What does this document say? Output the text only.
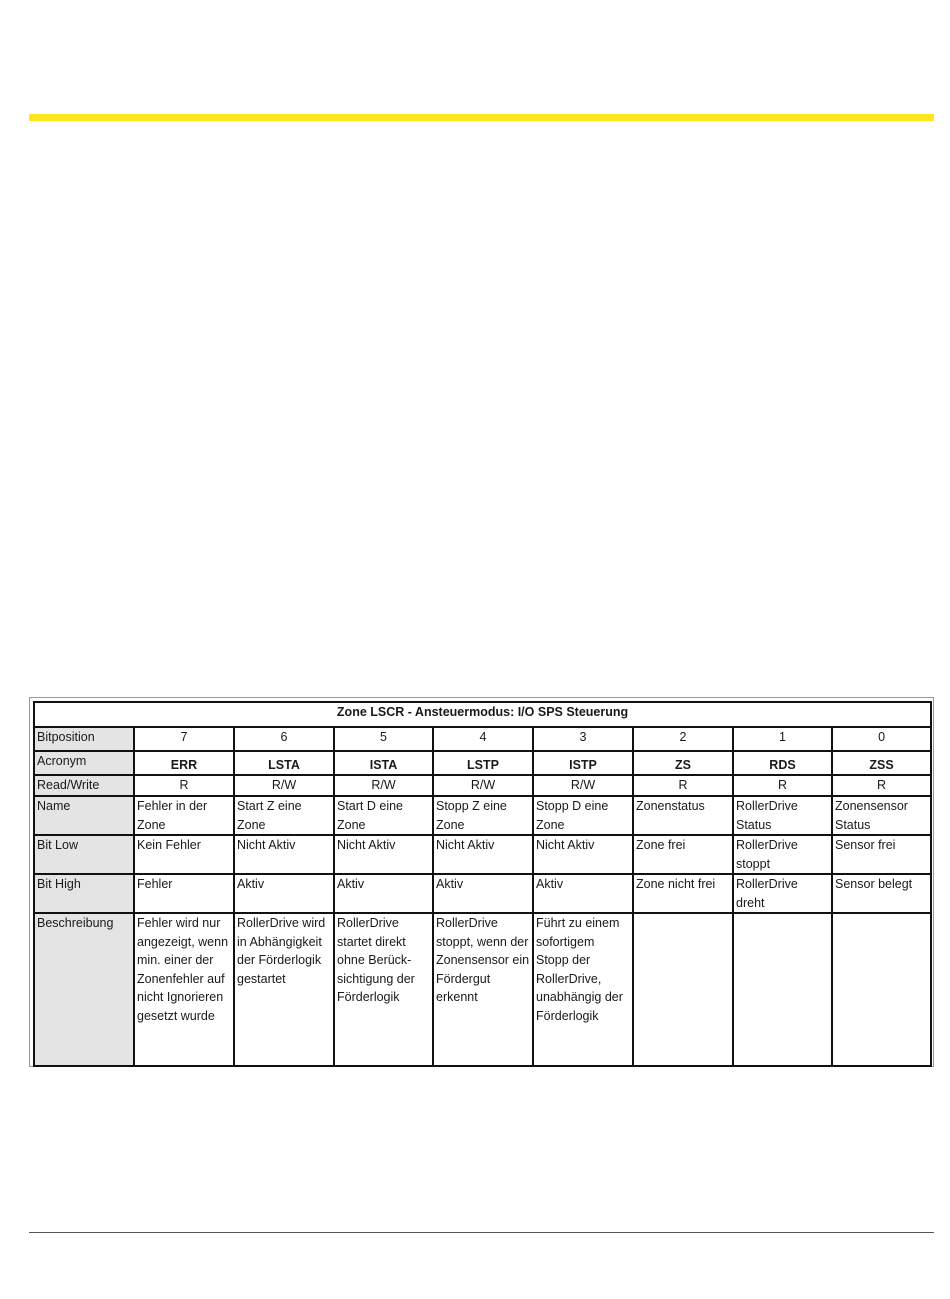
Zone LSCR - Ansteuermodus: I/O SPS Steuerung								
Bitposition	7	6	5	4	3	2	1	0
Acronym	ERR	LSTA	ISTA	LSTP	ISTP	ZS	RDS	ZSS
Read/Write	R	R/W	R/W	R/W	R/W	R	R	R
Name	Fehler in der Zone	Start Z eine Zone	Start D eine Zone	Stopp Z eine Zone	Stopp D eine Zone	Zonenstatus	RollerDrive Status	Zonensensor Status
Bit Low	Kein Fehler	Nicht Aktiv	Nicht Aktiv	Nicht Aktiv	Nicht Aktiv	Zone frei	RollerDrive stoppt	Sensor frei
Bit High	Fehler	Aktiv	Aktiv	Aktiv	Aktiv	Zone nicht frei	RollerDrive dreht	Sensor belegt
Beschreibung	Fehler wird nur angezeigt, wenn min. einer der Zonenfehler auf nicht Ignorieren gesetzt wurde	RollerDrive wird in Abhängigkeit der Förderlogik gestartet	RollerDrive startet direkt ohne Berück-sichtigung der Förderlogik	RollerDrive stoppt, wenn der Zonensensor ein Fördergut erkennt	Führt zu einem sofortigem Stopp der RollerDrive, unabhängig der Förderlogik			
